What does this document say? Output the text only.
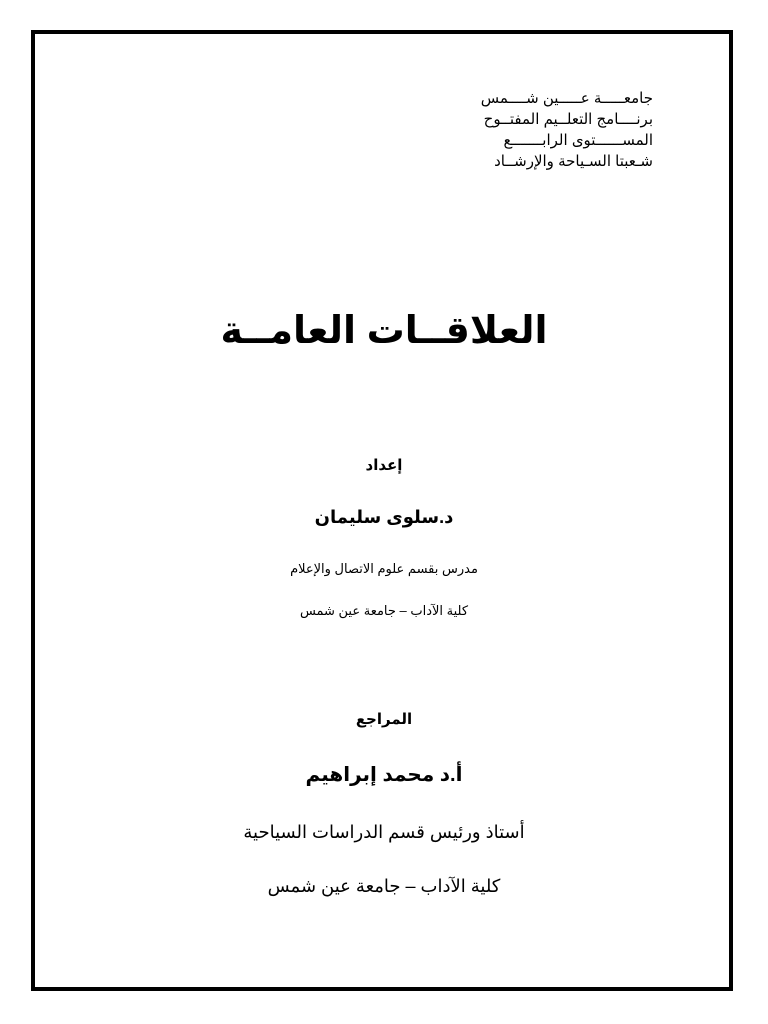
جامعـــــة عـــــين شــــمس
برنــــامج التعلــيم المفتــوح
المســــــتوى الرابـــــــع
شـعبتا السـياحة والإرشــاد
العلاقــات العامــة
إعداد
د.سلوى سليمان
مدرس بقسم علوم الاتصال والإعلام
كلية الآداب – جامعة عين شمس
المراجع
أ.د محمد إبراهيم
أستاذ ورئيس قسم الدراسات السياحية
كلية الآداب – جامعة عين شمس
